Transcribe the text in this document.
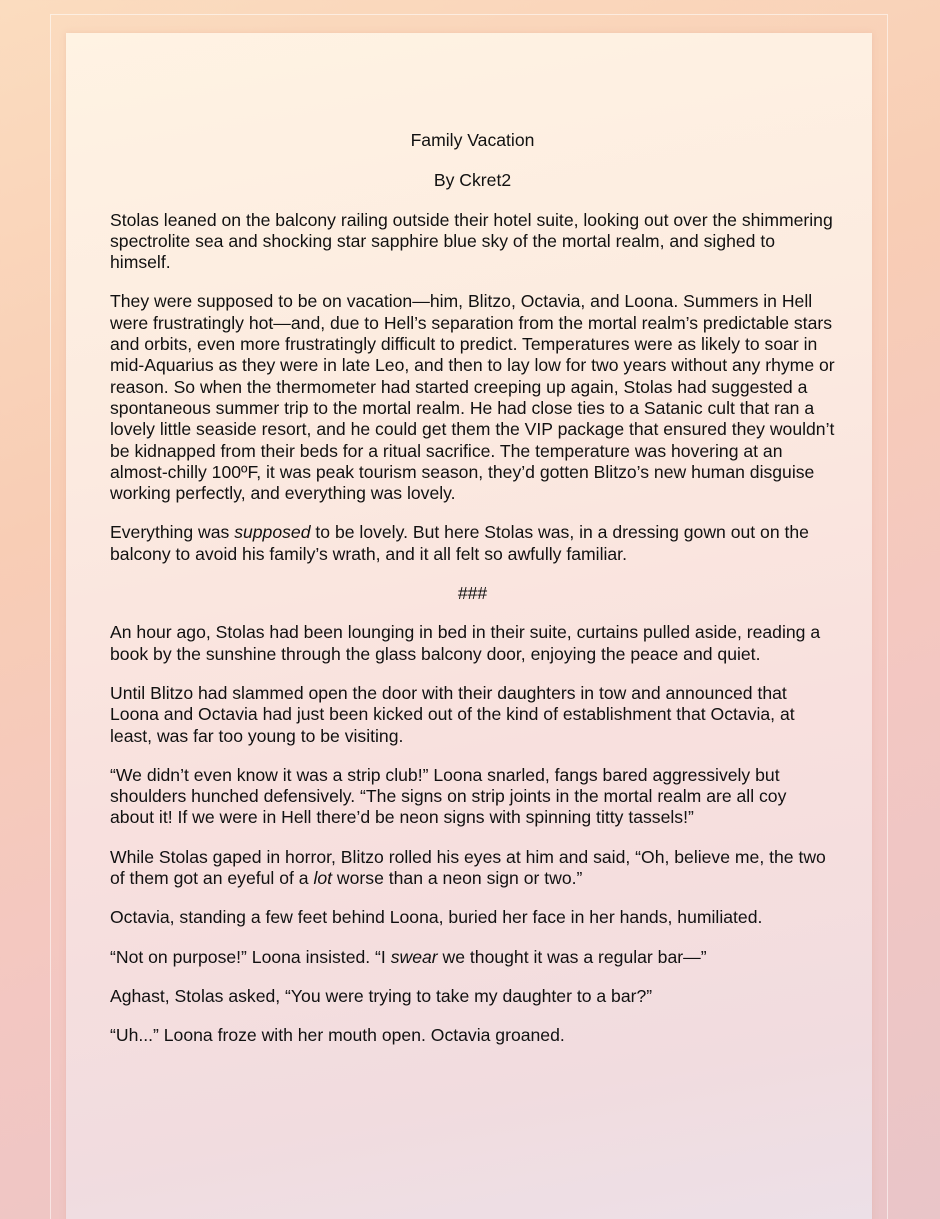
Family Vacation

By Ckret2

Stolas leaned on the balcony railing outside their hotel suite, looking out over the shimmering spectrolite sea and shocking star sapphire blue sky of the mortal realm, and sighed to himself.

They were supposed to be on vacation—him, Blitzo, Octavia, and Loona. Summers in Hell were frustratingly hot—and, due to Hell’s separation from the mortal realm’s predictable stars and orbits, even more frustratingly difficult to predict. Temperatures were as likely to soar in mid-Aquarius as they were in late Leo, and then to lay low for two years without any rhyme or reason. So when the thermometer had started creeping up again, Stolas had suggested a spontaneous summer trip to the mortal realm. He had close ties to a Satanic cult that ran a lovely little seaside resort, and he could get them the VIP package that ensured they wouldn’t be kidnapped from their beds for a ritual sacrifice. The temperature was hovering at an almost-chilly 100ºF, it was peak tourism season, they’d gotten Blitzo’s new human disguise working perfectly, and everything was lovely.

Everything was supposed to be lovely. But here Stolas was, in a dressing gown out on the balcony to avoid his family’s wrath, and it all felt so awfully familiar.

###

An hour ago, Stolas had been lounging in bed in their suite, curtains pulled aside, reading a book by the sunshine through the glass balcony door, enjoying the peace and quiet.

Until Blitzo had slammed open the door with their daughters in tow and announced that Loona and Octavia had just been kicked out of the kind of establishment that Octavia, at least, was far too young to be visiting.

“We didn’t even know it was a strip club!” Loona snarled, fangs bared aggressively but shoulders hunched defensively. “The signs on strip joints in the mortal realm are all coy about it! If we were in Hell there’d be neon signs with spinning titty tassels!”

While Stolas gaped in horror, Blitzo rolled his eyes at him and said, “Oh, believe me, the two of them got an eyeful of a lot worse than a neon sign or two.”

Octavia, standing a few feet behind Loona, buried her face in her hands, humiliated.

“Not on purpose!” Loona insisted. “I swear we thought it was a regular bar—”

Aghast, Stolas asked, “You were trying to take my daughter to a bar?”

“Uh...” Loona froze with her mouth open. Octavia groaned.
